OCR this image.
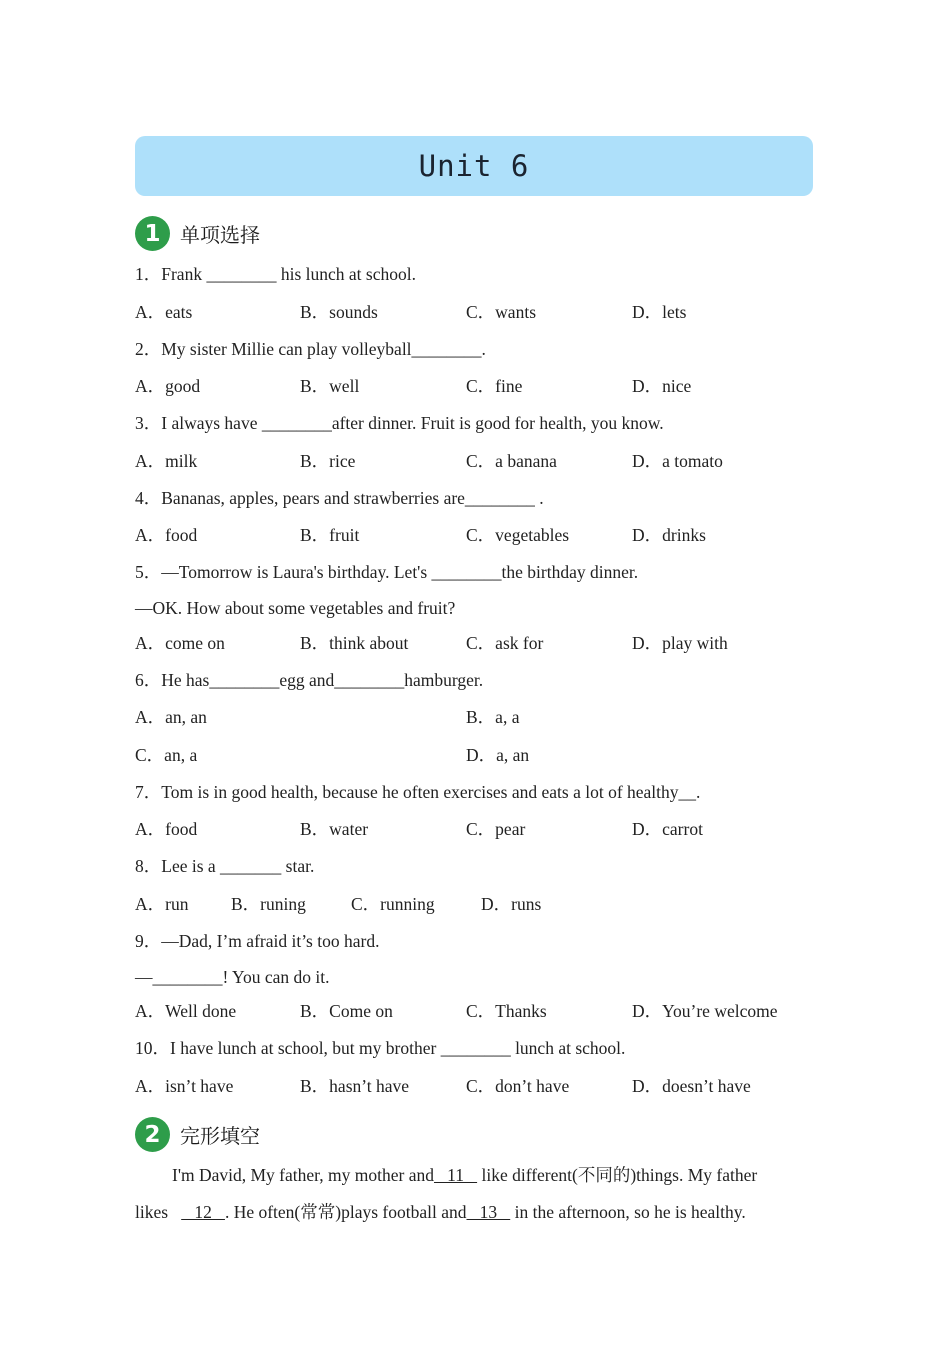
Unit 6
1 单项选择
1．Frank ________ his lunch at school.
A．eats	B．sounds	C．wants	D．lets
2．My sister Millie can play volleyball________.
A．good	B．well	C．fine	D．nice
3．I always have ________after dinner. Fruit is good for health, you know.
A．milk	B．rice	C．a banana	D．a tomato
4．Bananas, apples, pears and strawberries are________ .
A．food	B．fruit	C．vegetables	D．drinks
5．—Tomorrow is Laura's birthday. Let's ________the birthday dinner.
—OK. How about some vegetables and fruit?
A．come on	B．think about	C．ask for	D．play with
6．He has________egg and________hamburger.
A．an, an	B．a, a
C．an, a	D．a, an
7．Tom is in good health, because he often exercises and eats a lot of healthy__.
A．food	B．water	C．pear	D．carrot
8．Lee is a _______ star.
A．run B．runing	C．running	D．runs
9．—Dad, I’m afraid it’s too hard.
—________! You can do it.
A．Well done	B．Come on	C．Thanks	D．You’re welcome
10．I have lunch at school, but my brother ________ lunch at school.
A．isn’t have	B．hasn’t have	C．don’t have	D．doesn’t have
2 完形填空
I'm David, My father, my mother and   11    like different(不同的)things. My father
likes      12   . He often(常常)plays football and   13    in the afternoon, so he is healthy.
